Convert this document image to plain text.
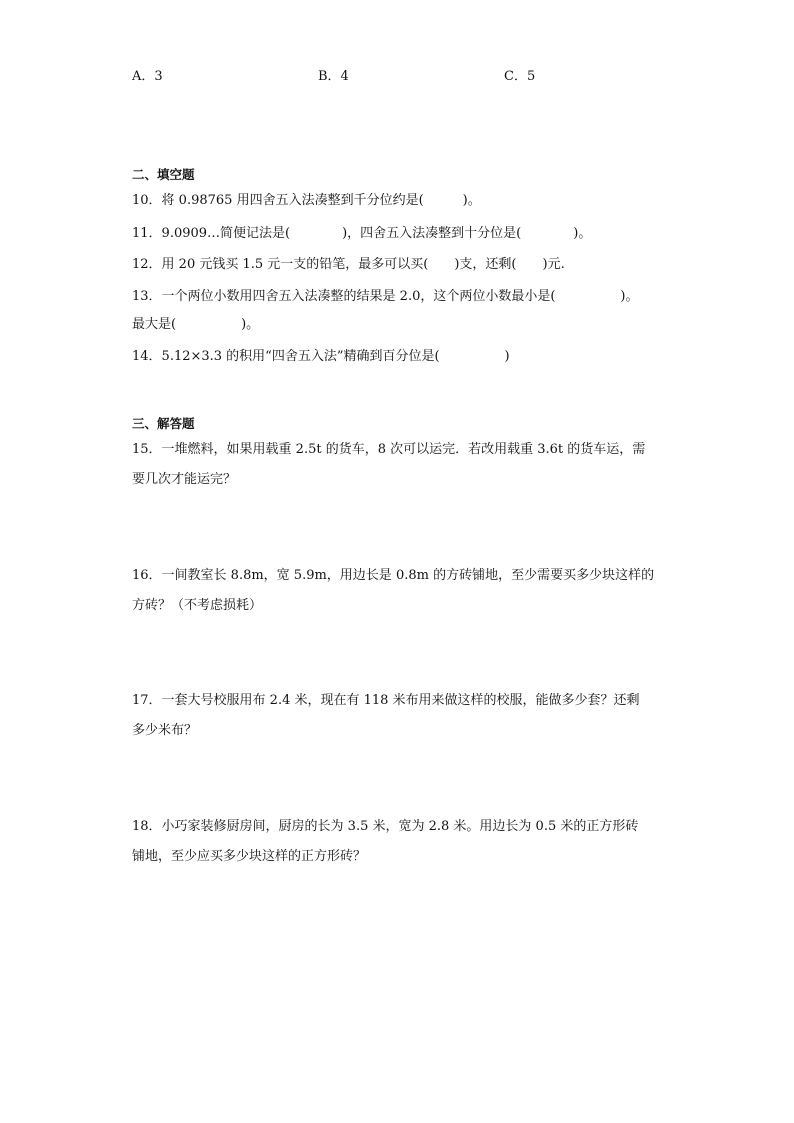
A．3	B．4	C．5
二、填空题
10．将 0.98765 用四舍五入法凑整到千分位约是(　　　)。
11．9.0909…简便记法是(　　　　)，四舍五入法凑整到十分位是(　　　　)。
12．用 20 元钱买 1.5 元一支的铅笔，最多可以买(　　)支，还剩(　　)元.
13．一个两位小数用四舍五入法凑整的结果是 2.0，这个两位小数最小是(　　　　　)。
最大是(　　　　　)。
14．5.12×3.3 的积用“四舍五入法”精确到百分位是(　　　　　)
三、解答题
15．一堆燃料，如果用载重 2.5t 的货车，8 次可以运完．若改用载重 3.6t 的货车运，需
要几次才能运完？
16．一间教室长 8.8m，宽 5.9m，用边长是 0.8m 的方砖铺地，至少需要买多少块这样的
方砖？（不考虑损耗）
17．一套大号校服用布 2.4 米，现在有 118 米布用来做这样的校服，能做多少套？还剩
多少米布？
18．小巧家装修厨房间，厨房的长为 3.5 米，宽为 2.8 米。用边长为 0.5 米的正方形砖
铺地，至少应买多少块这样的正方形砖？
